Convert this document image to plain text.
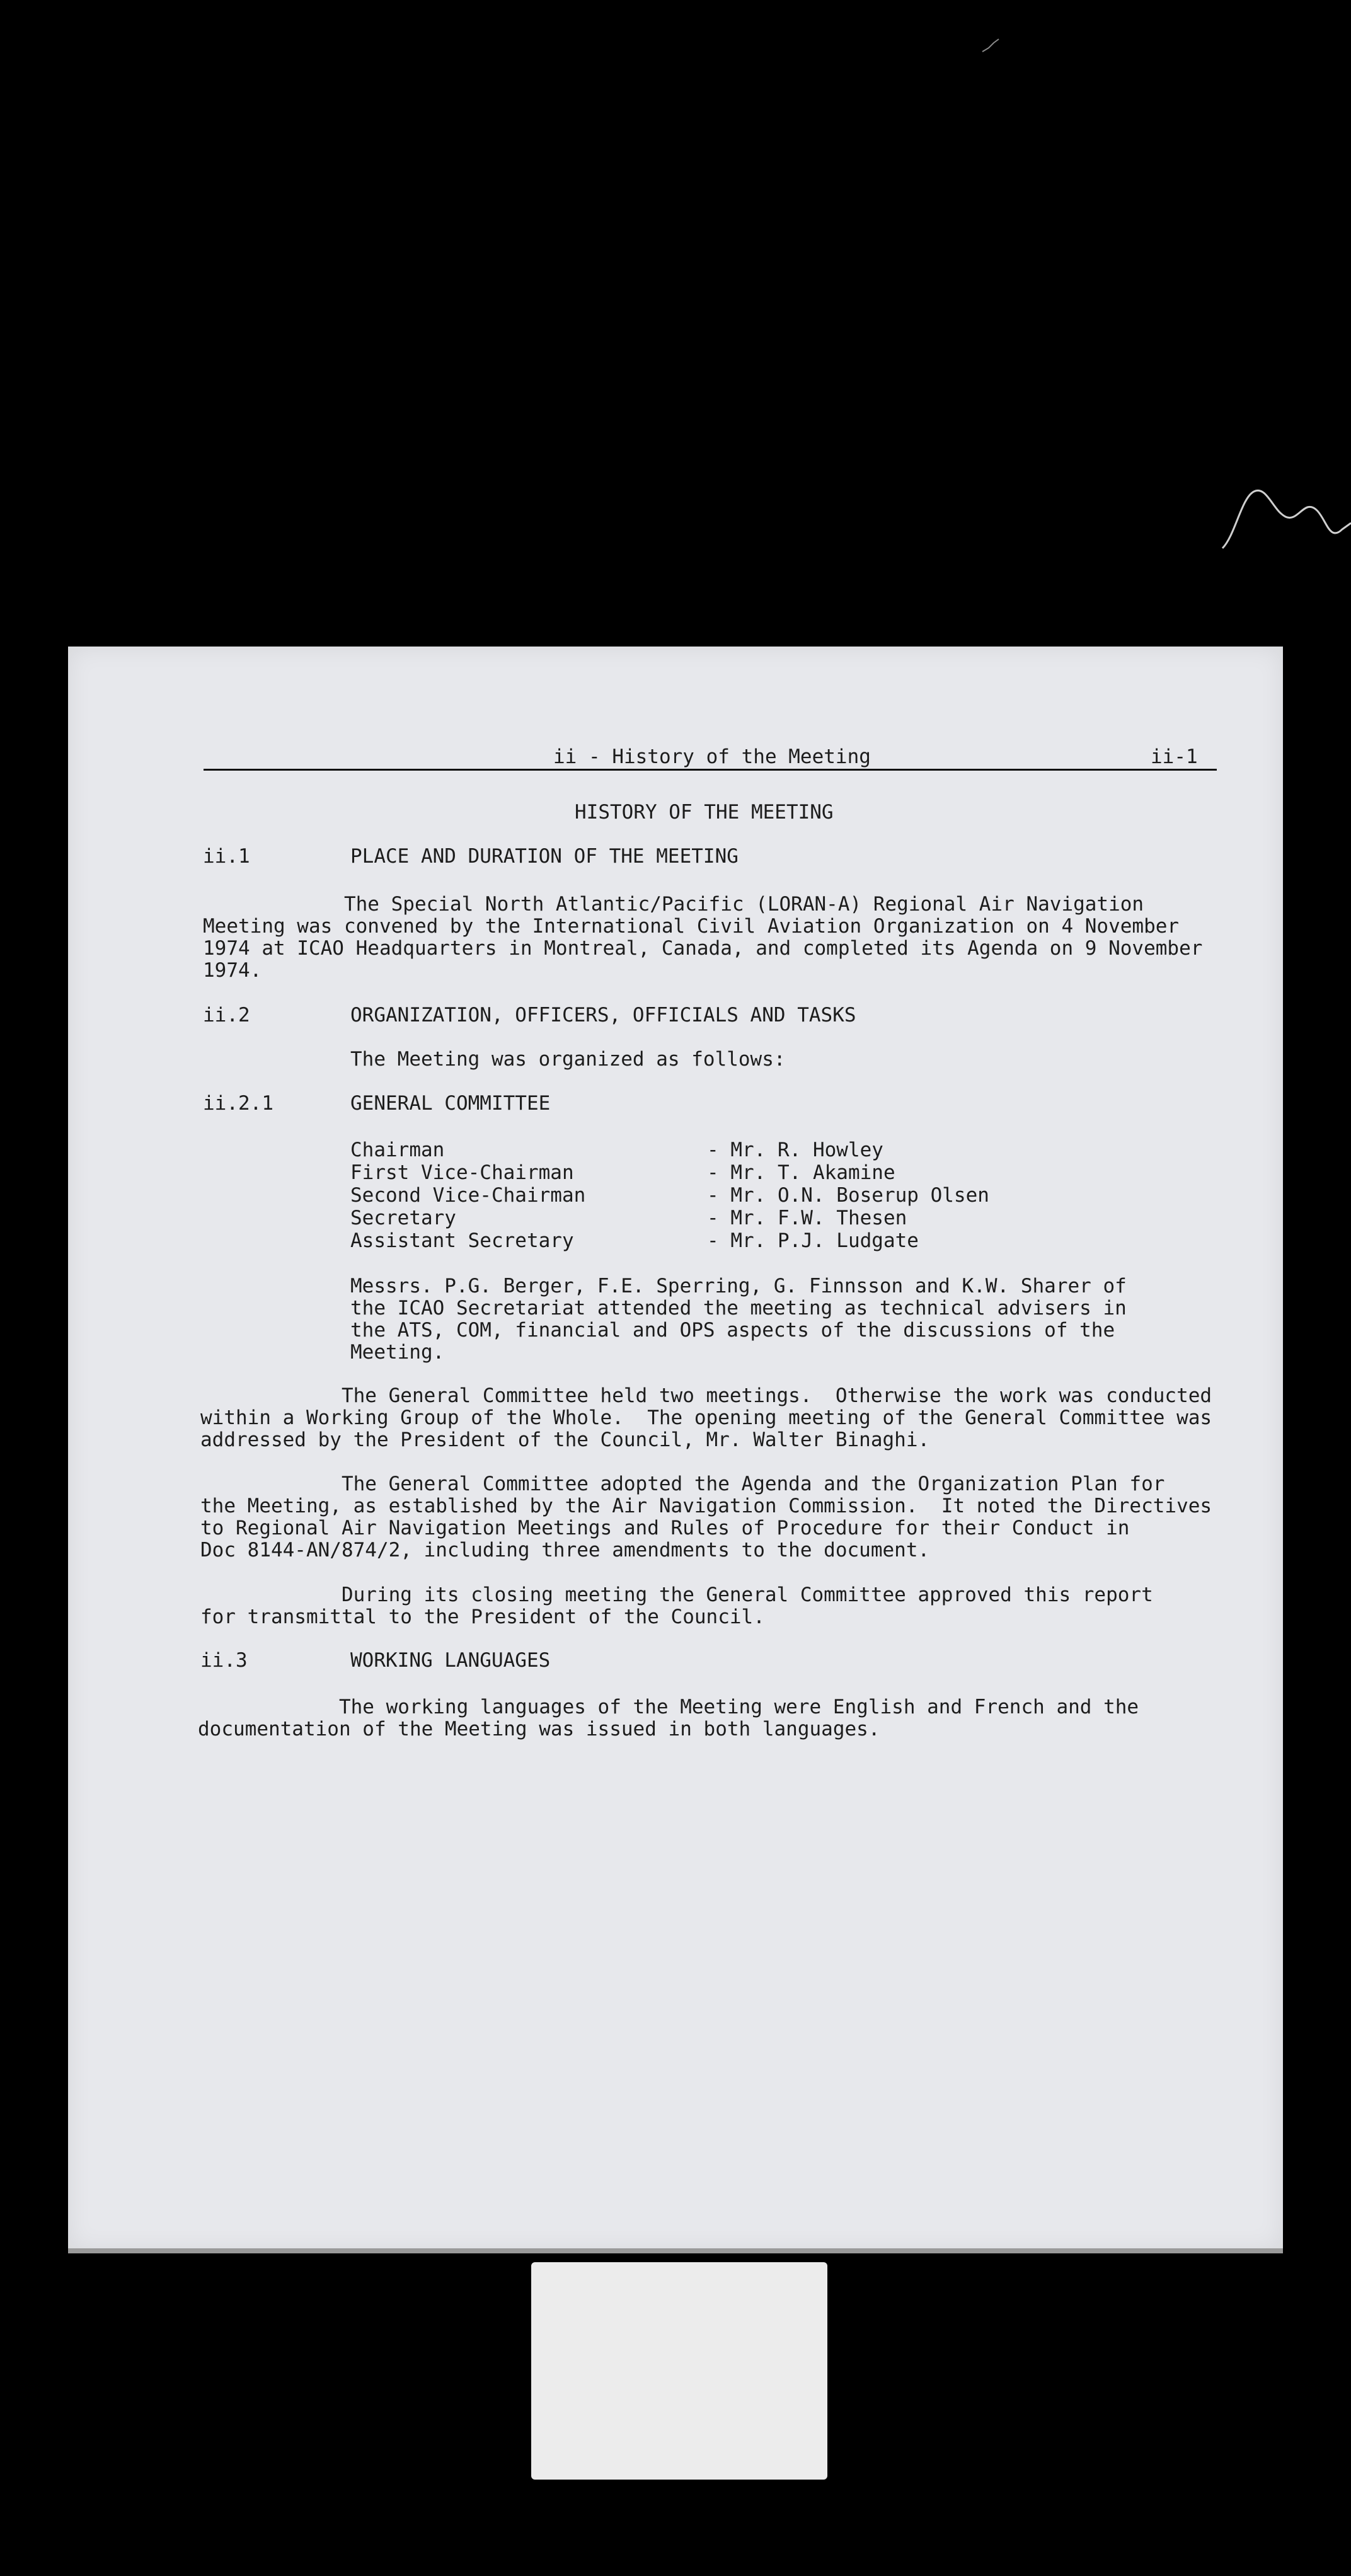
ii - History of the Meeting	ii-1
HISTORY OF THE MEETING
ii.1	PLACE AND DURATION OF THE MEETING
The Special North Atlantic/Pacific (LORAN-A) Regional Air Navigation
Meeting was convened by the International Civil Aviation Organization on 4 November
1974 at ICAO Headquarters in Montreal, Canada, and completed its Agenda on 9 November
1974.
ii.2	ORGANIZATION, OFFICERS, OFFICIALS AND TASKS
The Meeting was organized as follows:
ii.2.1	GENERAL COMMITTEE
Chairman	- Mr. R. Howley
First Vice-Chairman	- Mr. T. Akamine
Second Vice-Chairman	- Mr. O.N. Boserup Olsen
Secretary	- Mr. F.W. Thesen
Assistant Secretary	- Mr. P.J. Ludgate
Messrs. P.G. Berger, F.E. Sperring, G. Finnsson and K.W. Sharer of
the ICAO Secretariat attended the meeting as technical advisers in
the ATS, COM, financial and OPS aspects of the discussions of the
Meeting.
The General Committee held two meetings.  Otherwise the work was conducted
within a Working Group of the Whole.  The opening meeting of the General Committee was
addressed by the President of the Council, Mr. Walter Binaghi.
The General Committee adopted the Agenda and the Organization Plan for
the Meeting, as established by the Air Navigation Commission.  It noted the Directives
to Regional Air Navigation Meetings and Rules of Procedure for their Conduct in
Doc 8144-AN/874/2, including three amendments to the document.
During its closing meeting the General Committee approved this report
for transmittal to the President of the Council.
ii.3	WORKING LANGUAGES
The working languages of the Meeting were English and French and the
documentation of the Meeting was issued in both languages.
